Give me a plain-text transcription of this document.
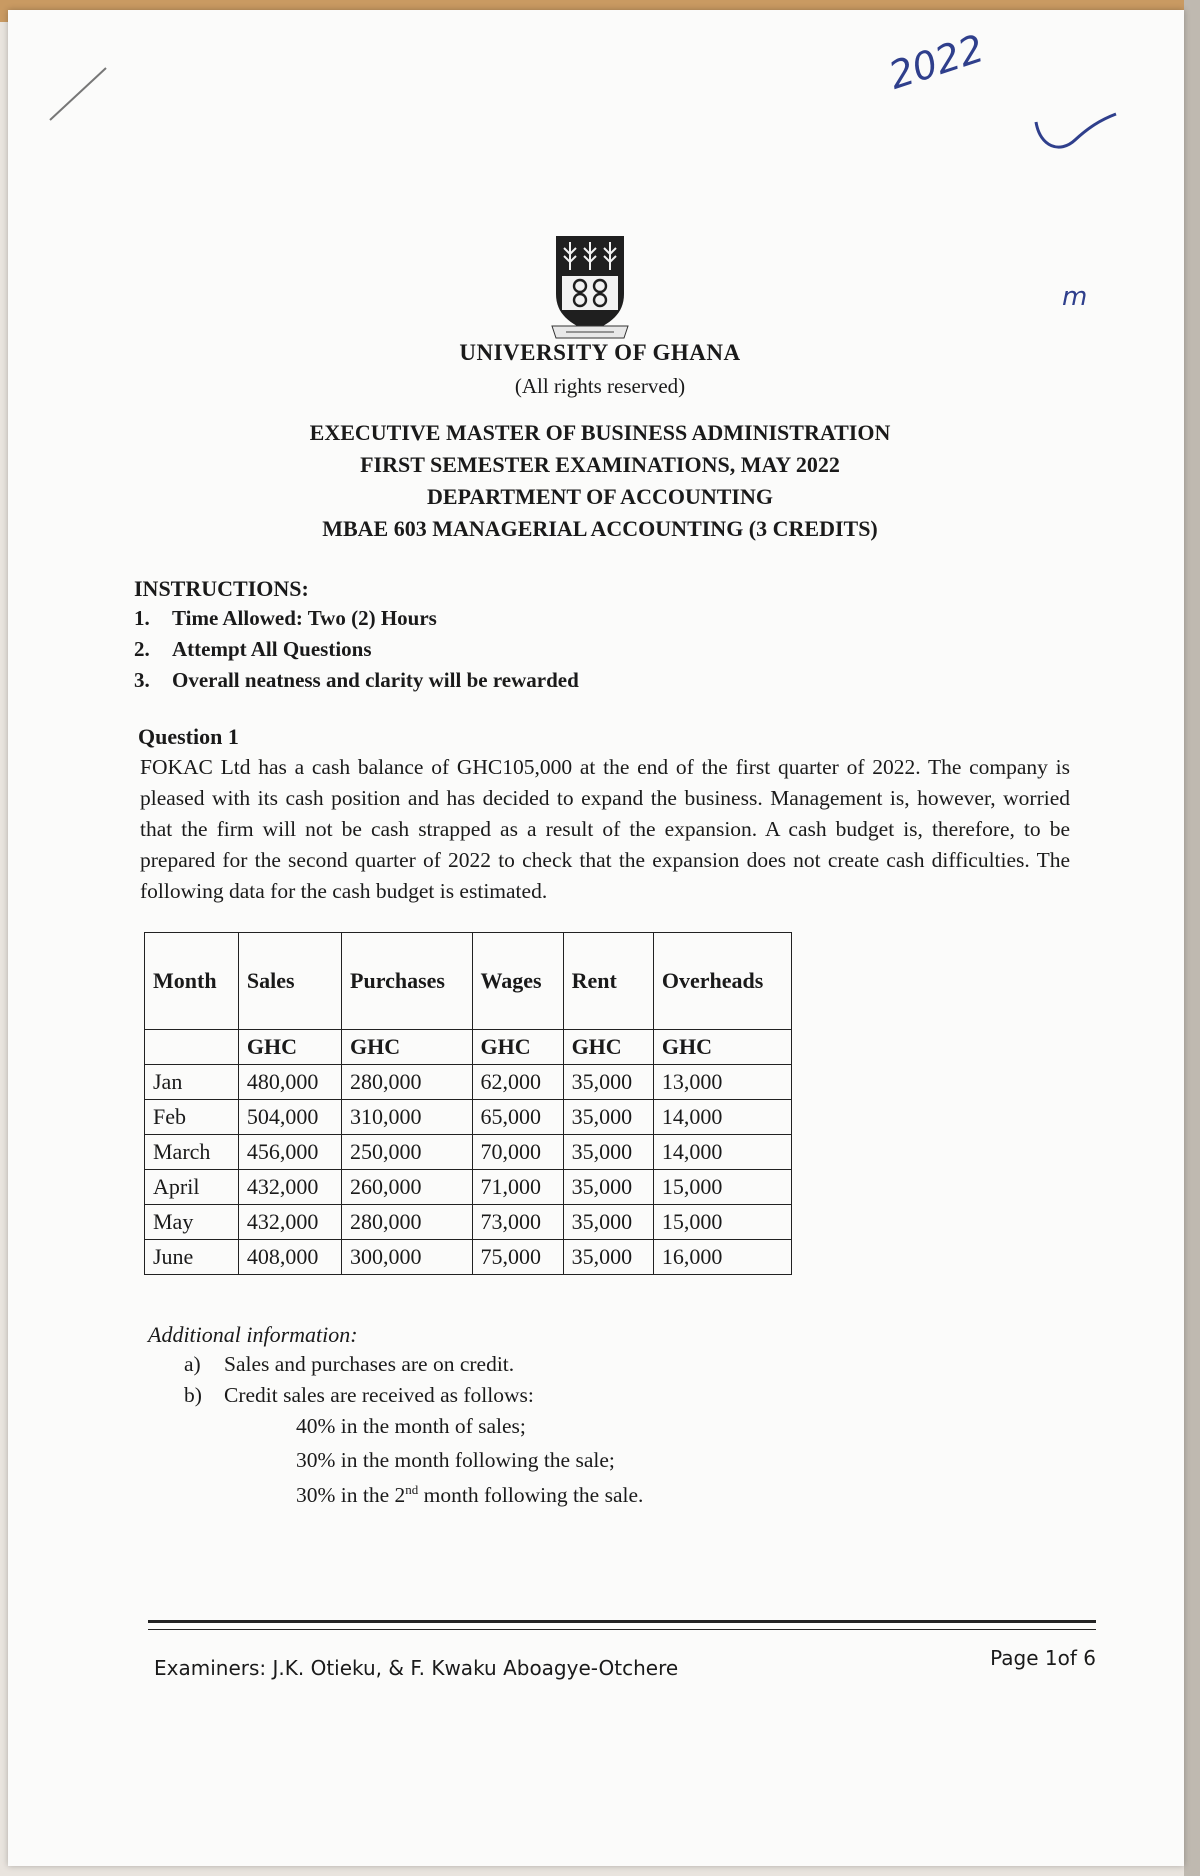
2022
m
UNIVERSITY OF GHANA
(All rights reserved)
EXECUTIVE MASTER OF BUSINESS ADMINISTRATION
FIRST SEMESTER EXAMINATIONS, MAY 2022
DEPARTMENT OF ACCOUNTING
MBAE 603 MANAGERIAL ACCOUNTING (3 CREDITS)
INSTRUCTIONS:
1.	Time Allowed: Two (2) Hours
2.	Attempt All Questions
3.	Overall neatness and clarity will be rewarded
Question 1
FOKAC Ltd has a cash balance of GHC105,000 at the end of the first quarter of 2022. The company is pleased with its cash position and has decided to expand the business. Management is, however, worried that the firm will not be cash strapped as a result of the expansion. A cash budget is, therefore, to be prepared for the second quarter of 2022 to check that the expansion does not create cash difficulties. The following data for the cash budget is estimated.
Month	Sales	Purchases	Wages	Rent	Overheads
	GHC	GHC	GHC	GHC	GHC
Jan	480,000	280,000	62,000	35,000	13,000
Feb	504,000	310,000	65,000	35,000	14,000
March	456,000	250,000	70,000	35,000	14,000
April	432,000	260,000	71,000	35,000	15,000
May	432,000	280,000	73,000	35,000	15,000
June	408,000	300,000	75,000	35,000	16,000
Additional information:
a)	Sales and purchases are on credit.
b)	Credit sales are received as follows:
40% in the month of sales;
30% in the month following the sale;
30% in the 2nd month following the sale.
Examiners: J.K. Otieku, & F. Kwaku Aboagye-Otchere	Page 1of 6
